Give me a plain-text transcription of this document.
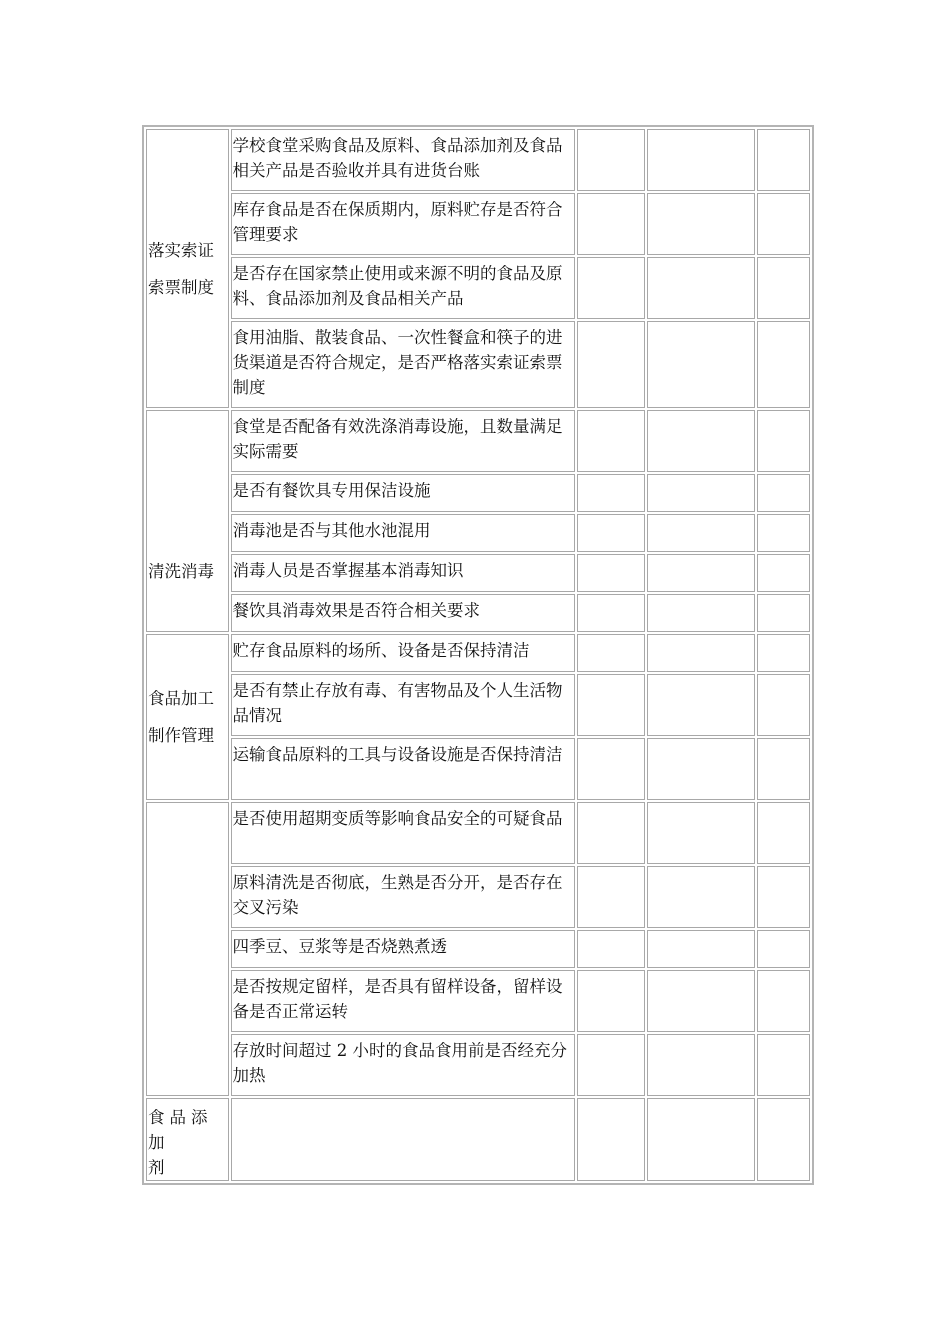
落实索证
索票制度	学校食堂采购食品及原料、食品添加剂及食品相关产品是否验收并具有进货台账			
	库存食品是否在保质期内，原料贮存是否符合管理要求			
	是否存在国家禁止使用或来源不明的食品及原料、食品添加剂及食品相关产品			
	食用油脂、散装食品、一次性餐盒和筷子的进货渠道是否符合规定，是否严格落实索证索票制度			

清洗消毒	食堂是否配备有效洗涤消毒设施，且数量满足实际需要			
	是否有餐饮具专用保洁设施			
	消毒池是否与其他水池混用			
	消毒人员是否掌握基本消毒知识			
	餐饮具消毒效果是否符合相关要求			

食品加工
制作管理	贮存食品原料的场所、设备是否保持清洁			
	是否有禁止存放有毒、有害物品及个人生活物品情况			
	运输食品原料的工具与设备设施是否保持清洁			
	是否使用超期变质等影响食品安全的可疑食品			
	原料清洗是否彻底，生熟是否分开，是否存在交叉污染			
	四季豆、豆浆等是否烧熟煮透			
	是否按规定留样，是否具有留样设备，留样设备是否正常运转			
	存放时间超过 2 小时的食品食用前是否经充分加热			

食品添加
剂				
